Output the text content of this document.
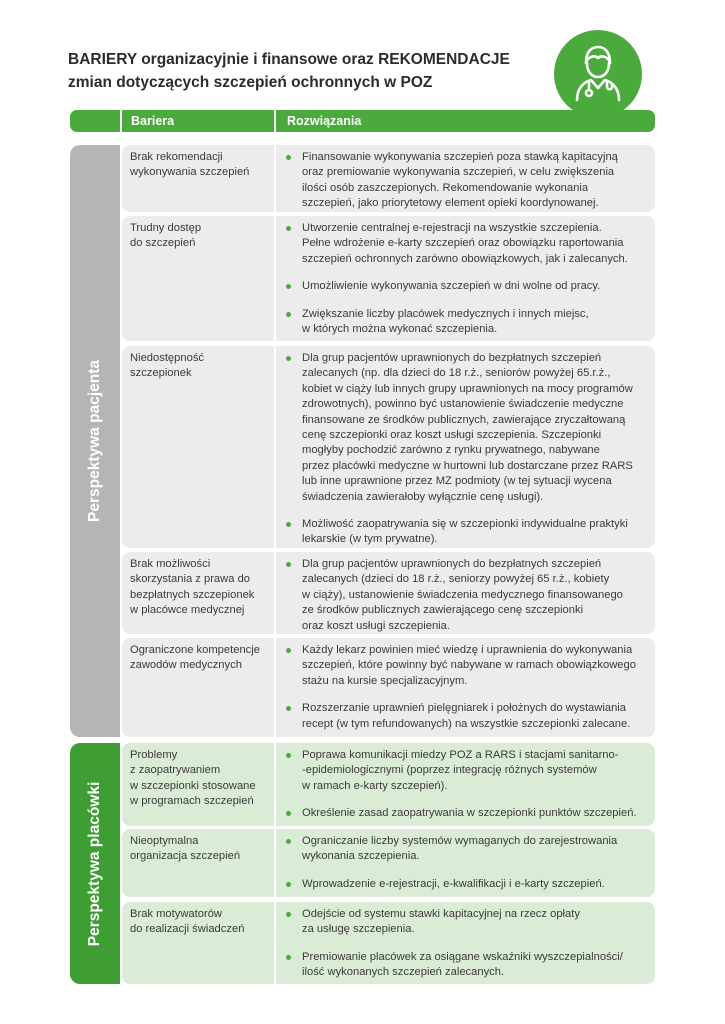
BARIERY organizacyjnie i finansowe oraz REKOMENDACJE
zmian dotyczących szczepień ochronnych w POZ
Bariera	Rozwiązania
Perspektywa pacjenta
Perspektywa placówki
Brak rekomendacji
wykonywania szczepień
Finansowanie wykonywania szczepień poza stawką kapitacyjną
oraz premiowanie wykonywania szczepień, w celu zwiększenia
ilości osób zaszczepionych. Rekomendowanie wykonania
szczepień, jako priorytetowy element opieki koordynowanej.
Trudny dostęp
do szczepień
Utworzenie centralnej e-rejestracji na wszystkie szczepienia.
Pełne wdrożenie e-karty szczepień oraz obowiązku raportowania
szczepień ochronnych zarówno obowiązkowych, jak i zalecanych.
Umożliwienie wykonywania szczepień w dni wolne od pracy.
Zwiększanie liczby placówek medycznych i innych miejsc,
w których można wykonać szczepienia.
Niedostępność
szczepionek
Dla grup pacjentów uprawnionych do bezpłatnych szczepień
zalecanych (np. dla dzieci do 18 r.ż., seniorów powyżej 65.r.ż.,
kobiet w ciąży lub innych grupy uprawnionych na mocy programów
zdrowotnych), powinno być ustanowienie świadczenie medyczne
finansowane ze środków publicznych, zawierające zryczałtowaną
cenę szczepionki oraz koszt usługi szczepienia. Szczepionki
mogłyby pochodzić zarówno z rynku prywatnego, nabywane
przez placówki medyczne w hurtowni lub dostarczane przez RARS
lub inne uprawnione przez MZ podmioty (w tej sytuacji wycena
świadczenia zawierałoby wyłącznie cenę usługi).
Możliwość zaopatrywania się w szczepionki indywidualne praktyki
lekarskie (w tym prywatne).
Brak możliwości
skorzystania z prawa do
bezpłatnych szczepionek
w placówce medycznej
Dla grup pacjentów uprawnionych do bezpłatnych szczepień
zalecanych (dzieci do 18 r.ż., seniorzy powyżej 65 r.ż., kobiety
w ciąży), ustanowienie świadczenia medycznego finansowanego
ze środków publicznych zawierającego cenę szczepionki
oraz koszt usługi szczepienia.
Ograniczone kompetencje
zawodów medycznych
Każdy lekarz powinien mieć wiedzę i uprawnienia do wykonywania
szczepień, które powinny być nabywane w ramach obowiązkowego
stażu na kursie specjalizacyjnym.
Rozszerzanie uprawnień pielęgniarek i położnych do wystawiania
recept (w tym refundowanych) na wszystkie szczepionki zalecane.
Problemy
z zaopatrywaniem
w szczepionki stosowane
w programach szczepień
Poprawa komunikacji miedzy POZ a RARS i stacjami sanitarno-
-epidemiologicznymi (poprzez integrację różnych systemów
w ramach e-karty szczepień).
Określenie zasad zaopatrywania w szczepionki punktów szczepień.
Nieoptymalna
organizacja szczepień
Ograniczanie liczby systemów wymaganych do zarejestrowania
wykonania szczepienia.
Wprowadzenie e-rejestracji, e-kwalifikacji i e-karty szczepień.
Brak motywatorów
do realizacji świadczeń
Odejście od systemu stawki kapitacyjnej na rzecz opłaty
za usługę szczepienia.
Premiowanie placówek za osiągane wskaźniki wyszczepialności/
ilość wykonanych szczepień zalecanych.
